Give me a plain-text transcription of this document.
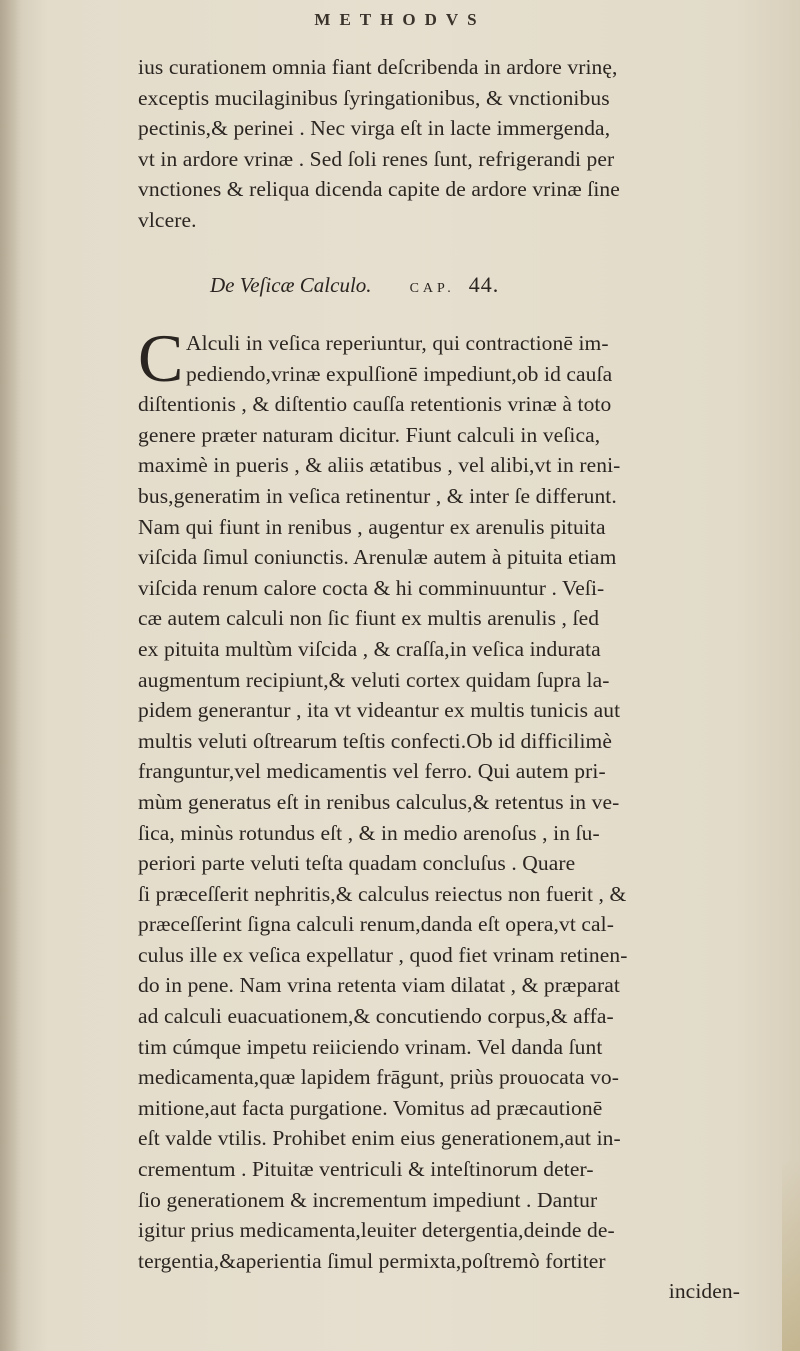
METHODVS
ius curationem omnia fiant deſcribenda in ardore vrinę,
exceptis mucilaginibus ſyringationibus, & vnctionibus
pectinis,& perinei . Nec virga eſt in lacte immergenda,
vt in ardore vrinæ . Sed ſoli renes ſunt, refrigerandi per
vnctiones & reliqua dicenda capite de ardore vrinæ ſine
vlcere.
De Veſicæ Calculo.	CAP. 44.
C Alculi in veſica reperiuntur, qui contractionē im-
pediendo,vrinæ expulſionē impediunt,ob id cauſa
diſtentionis , & diſtentio cauſſa retentionis vrinæ à toto
genere præter naturam dicitur. Fiunt calculi in veſica,
maximè in pueris , & aliis ætatibus , vel alibi,vt in reni-
bus,generatim in veſica retinentur , & inter ſe differunt.
Nam qui fiunt in renibus , augentur ex arenulis pituita
viſcida ſimul coniunctis. Arenulæ autem à pituita etiam
viſcida renum calore cocta & hi comminuuntur . Veſi-
cæ autem calculi non ſic fiunt ex multis arenulis , ſed
ex pituita multùm viſcida , & craſſa,in veſica indurata
augmentum recipiunt,& veluti cortex quidam ſupra la-
pidem generantur , ita vt videantur ex multis tunicis aut
multis veluti oſtrearum teſtis confecti.Ob id difficilimè
franguntur,vel medicamentis vel ferro. Qui autem pri-
mùm generatus eſt in renibus calculus,& retentus in ve-
ſica, minùs rotundus eſt , & in medio arenoſus , in ſu-
periori parte veluti teſta quadam concluſus . Quare
ſi præceſſerit nephritis,& calculus reiectus non fuerit , &
præceſſerint ſigna calculi renum,danda eſt opera,vt cal-
culus ille ex veſica expellatur , quod fiet vrinam retinen-
do in pene. Nam vrina retenta viam dilatat , & præparat
ad calculi euacuationem,& concutiendo corpus,& affa-
tim cúmque impetu reiiciendo vrinam. Vel danda ſunt
medicamenta,quæ lapidem frāgunt, priùs prouocata vo-
mitione,aut facta purgatione. Vomitus ad præcautionē
eſt valde vtilis. Prohibet enim eius generationem,aut in-
crementum . Pituitæ ventriculi & inteſtinorum deter-
ſio generationem & incrementum impediunt . Dantur
igitur prius medicamenta,leuiter detergentia,deinde de-
tergentia,&aperientia ſimul permixta,poſtremò fortiter
inciden-
